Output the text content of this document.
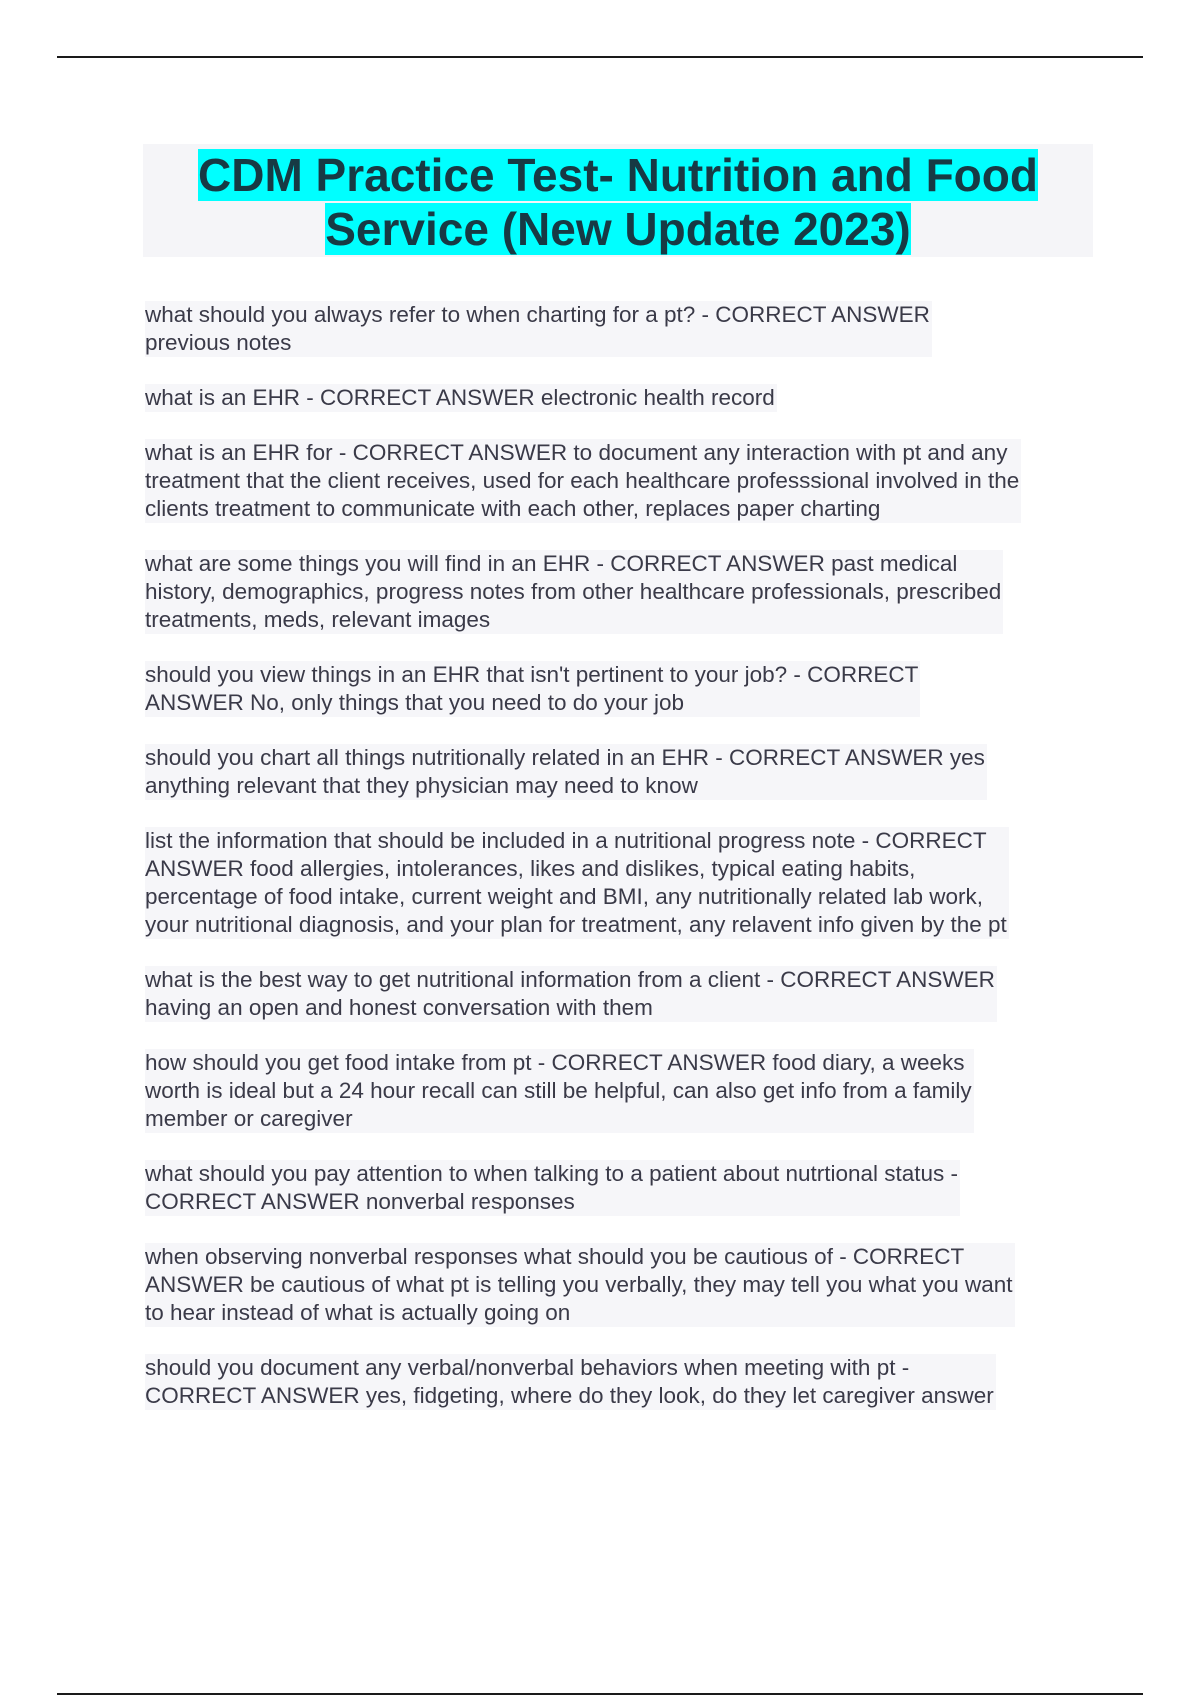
CDM Practice Test- Nutrition and Food
Service (New Update 2023)

what should you always refer to when charting for a pt? - CORRECT ANSWER
previous notes

what is an EHR - CORRECT ANSWER electronic health record

what is an EHR for - CORRECT ANSWER to document any interaction with pt and any
treatment that the client receives, used for each healthcare professsional involved in the
clients treatment to communicate with each other, replaces paper charting

what are some things you will find in an EHR - CORRECT ANSWER past medical
history, demographics, progress notes from other healthcare professionals, prescribed
treatments, meds, relevant images

should you view things in an EHR that isn't pertinent to your job? - CORRECT
ANSWER No, only things that you need to do your job

should you chart all things nutritionally related in an EHR - CORRECT ANSWER yes
anything relevant that they physician may need to know

list the information that should be included in a nutritional progress note - CORRECT
ANSWER food allergies, intolerances, likes and dislikes, typical eating habits,
percentage of food intake, current weight and BMI, any nutritionally related lab work,
your nutritional diagnosis, and your plan for treatment, any relavent info given by the pt

what is the best way to get nutritional information from a client - CORRECT ANSWER
having an open and honest conversation with them

how should you get food intake from pt - CORRECT ANSWER food diary, a weeks
worth is ideal but a 24 hour recall can still be helpful, can also get info from a family
member or caregiver

what should you pay attention to when talking to a patient about nutrtional status -
CORRECT ANSWER nonverbal responses

when observing nonverbal responses what should you be cautious of - CORRECT
ANSWER be cautious of what pt is telling you verbally, they may tell you what you want
to hear instead of what is actually going on

should you document any verbal/nonverbal behaviors when meeting with pt -
CORRECT ANSWER yes, fidgeting, where do they look, do they let caregiver answer
